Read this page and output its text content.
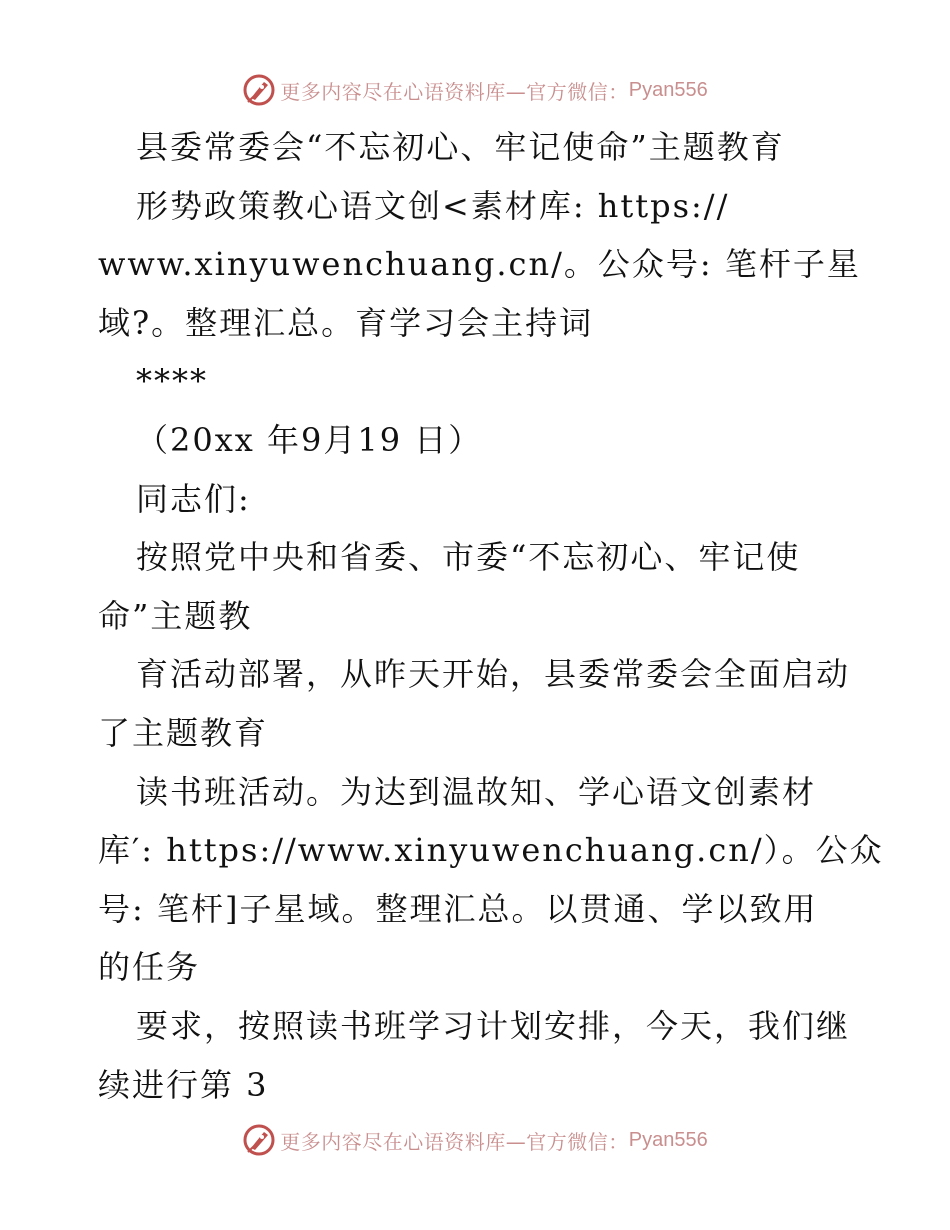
更多内容尽在心语资料库—官方微信： Pyan556
县委常委会“不忘初心、牢记使命”主题教育
形势政策教心语文创<素材库: https://
www.xinyuwenchuang.cn/。公众号: 笔杆子星
域?。整理汇总。育学习会主持词
****
（20xx 年9月19 日）
同志们:
按照党中央和省委、市委“不忘初心、牢记使
命”主题教
育活动部署，从昨天开始，县委常委会全面启动
了主题教育
读书班活动。为达到温故知、学心语文创素材
库′: https://www.xinyuwenchuang.cn/）。公众
号: 笔杆]子星域。整理汇总。以贯通、学以致用
的任务
要求，按照读书班学习计划安排，今天，我们继
续进行第 3
更多内容尽在心语资料库—官方微信： Pyan556
